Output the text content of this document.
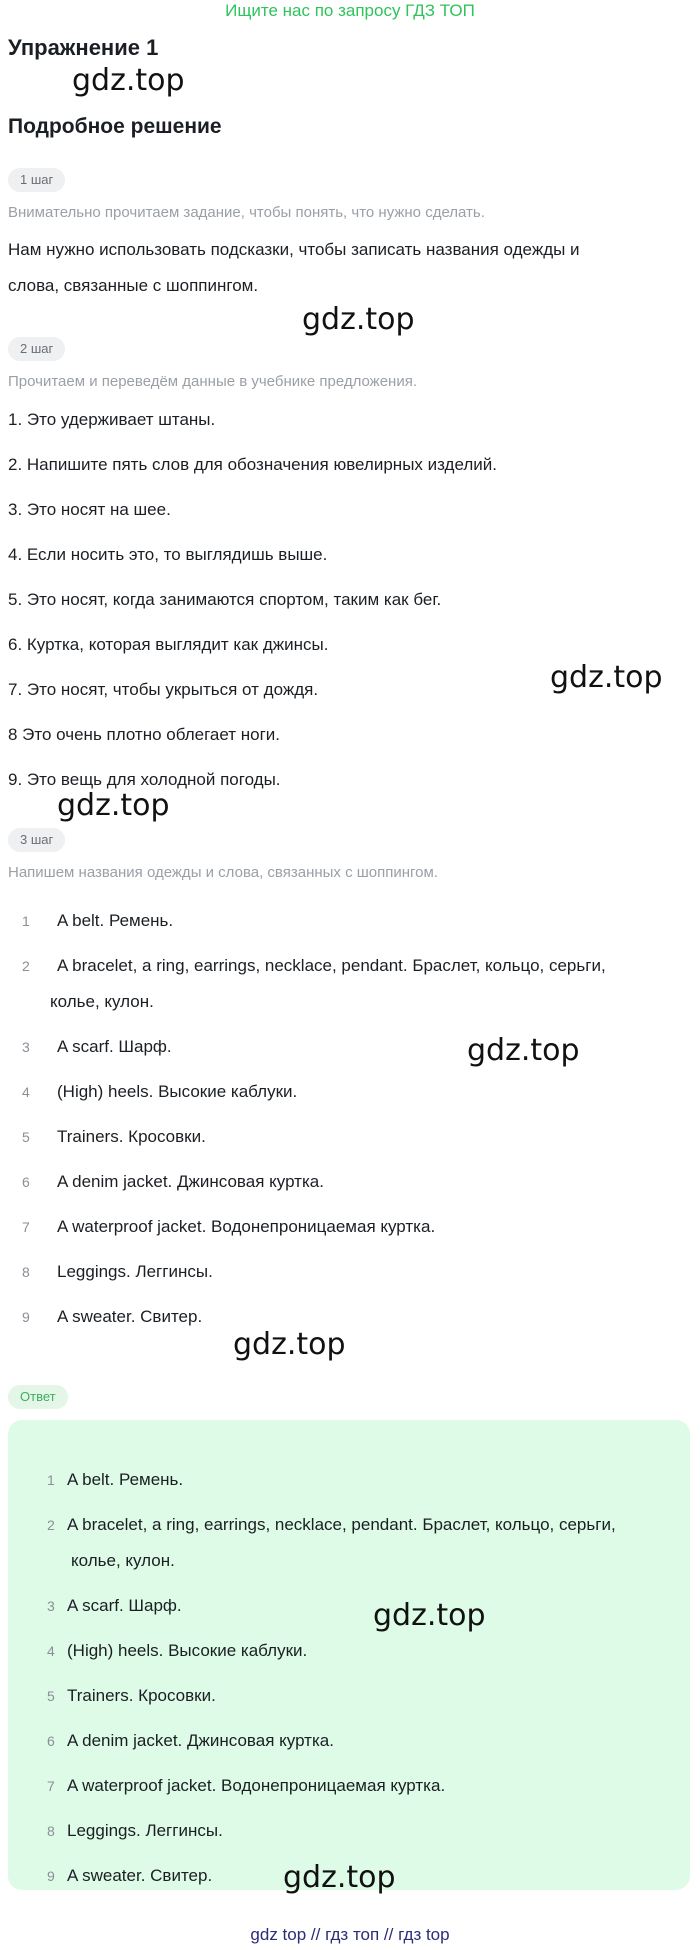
Ищите нас по запросу ГДЗ ТОП
Упражнение 1
gdz.top
Подробное решение
1 шаг
Внимательно прочитаем задание, чтобы понять, что нужно сделать.
Нам нужно использовать подсказки, чтобы записать названия одежды и
слова, связанные с шоппингом.
gdz.top
2 шаг
Прочитаем и переведём данные в учебнике предложения.
1. Это удерживает штаны.
2. Напишите пять слов для обозначения ювелирных изделий.
3. Это носят на шее.
4. Если носить это, то выглядишь выше.
5. Это носят, когда занимаются спортом, таким как бег.
6. Куртка, которая выглядит как джинсы.
7. Это носят, чтобы укрыться от дождя.	gdz.top
8 Это очень плотно облегает ноги.
9. Это вещь для холодной погоды.
gdz.top
3 шаг
Напишем названия одежды и слова, связанных с шоппингом.
1	A belt. Ремень.
2	A bracelet, a ring, earrings, necklace, pendant. Браслет, кольцо, серьги,
колье, кулон.
3	A scarf. Шарф.
4	(High) heels. Высокие каблуки.
5	Trainers. Кросовки.
6	A denim jacket. Джинсовая куртка.
7	A waterproof jacket. Водонепроницаемая куртка.
8	Leggings. Леггинсы.
9	A sweater. Свитер.
gdz.top
gdz.top
Ответ
1 A belt. Ремень.
2 A bracelet, a ring, earrings, necklace, pendant. Браслет, кольцо, серьги,
колье, кулон.
3 A scarf. Шарф.
4 (High) heels. Высокие каблуки.
5 Trainers. Кросовки.
6 A denim jacket. Джинсовая куртка.
7 A waterproof jacket. Водонепроницаемая куртка.
8 Leggings. Леггинсы.
9 A sweater. Свитер.
gdz.top
gdz.top
gdz top // гдз топ // гдз top
